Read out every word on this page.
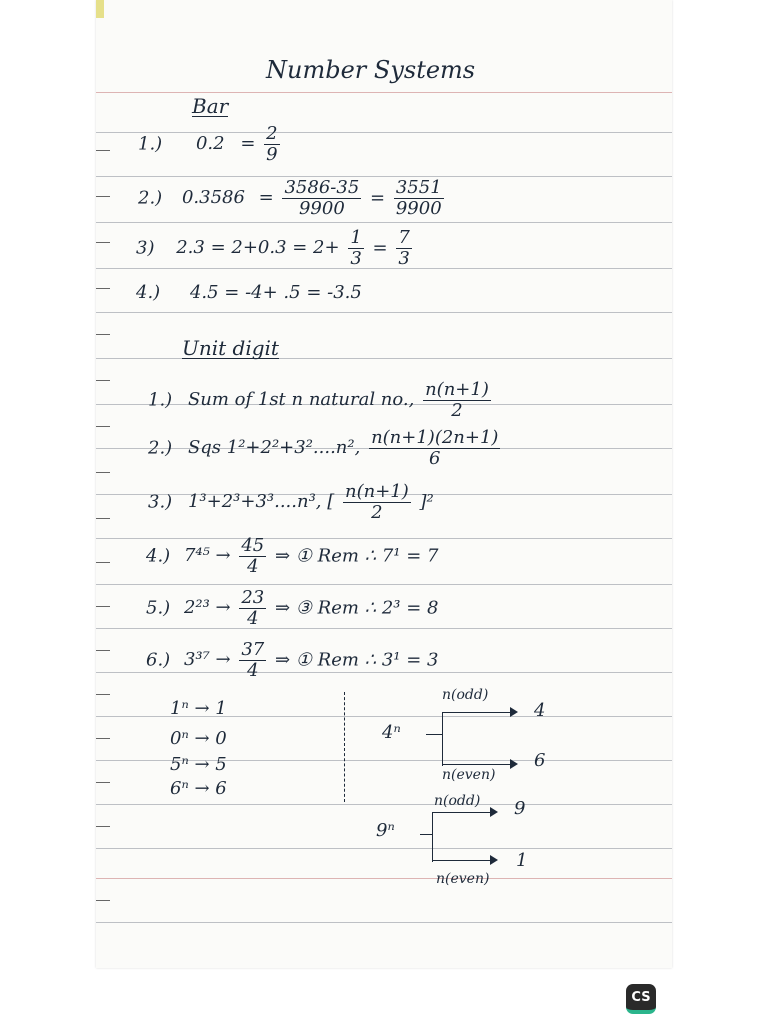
Number Systems
Bar
1.) $0.2 = \frac{2}{9}$
2.) $0.3586 = \frac{3586-35}{9900} = \frac{3551}{9900}$
3) $2.3 = 2+0.3 = 2+ \frac{1}{3} = \frac{7}{3}$
4.) 4.5 = -4+ .5 = -3.5
Unit digit
1.) Sum of 1st n natural no., $\frac{n(n+1)}{2}$
2.) Sqs 1²+2²+3²....n², $\frac{n(n+1)(2n+1)}{6}$
3.) 1³+2³+3³....n³, [ $\frac{n(n+1)}{2} ]^2$
4.) $7^{45} \to \frac{45}{4}$ ⇒ ① Rem ∴ 7¹ = 7
5.) $2^{23} \to \frac{23}{4}$ ⇒ ③ Rem ∴ 2³ = 8
6.) $3^{37} \to \frac{37}{4}$ ⇒ ① Rem ∴ 3¹ = 3
1ⁿ → 1
0ⁿ → 0
5ⁿ → 5
6ⁿ → 6
4ⁿ
n(odd)
4
n(even)
6
9ⁿ
n(odd) 9
n(even)
1
CS
